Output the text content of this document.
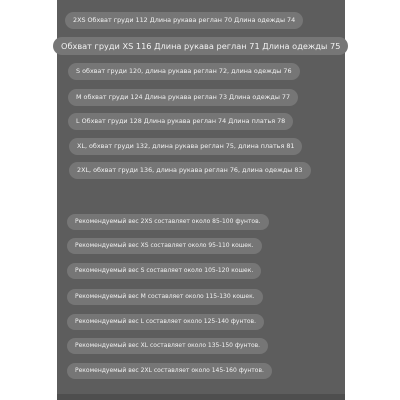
2XS Обхват груди 112 Длина рукава реглан 70 Длина одежды 74
Обхват груди XS 116 Длина рукава реглан 71 Длина одежды 75
S обхват груди 120, длина рукава реглан 72, длина одежды 76
M обхват груди 124 Длина рукава реглан 73 Длина одежды 77
L Обхват груди 128 Длина рукава реглан 74 Длина платья 78
XL, обхват груди 132, длина рукава реглан 75, длина платья 81
2XL, обхват груди 136, длина рукава реглан 76, длина одежды 83
Рекомендуемый вес 2XS составляет около 85-100 фунтов.
Рекомендуемый вес XS составляет около 95-110 кошек.
Рекомендуемый вес S составляет около 105-120 кошек.
Рекомендуемый вес M составляет около 115-130 кошек.
Рекомендуемый вес L составляет около 125-140 фунтов.
Рекомендуемый вес XL составляет около 135-150 фунтов.
Рекомендуемый вес 2XL составляет около 145-160 фунтов.
